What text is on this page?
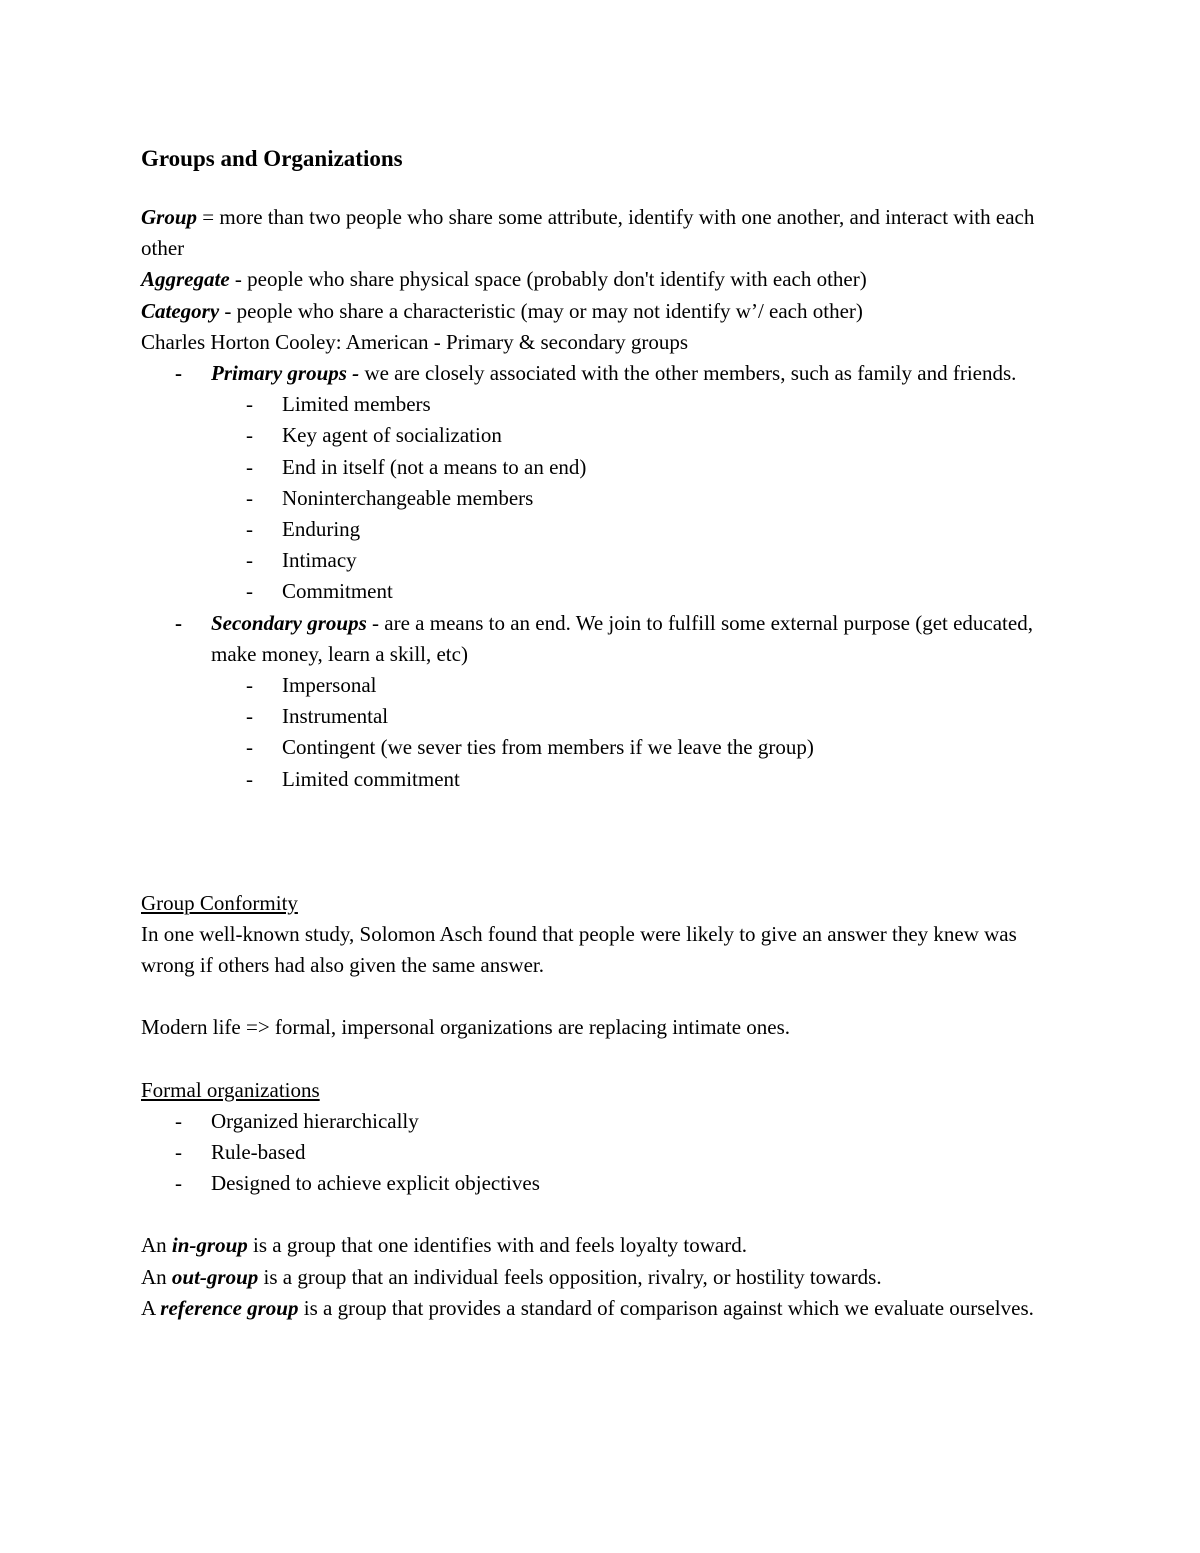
Groups and Organizations

Group = more than two people who share some attribute, identify with one another, and interact with each other

Aggregate - people who share physical space (probably don't identify with each other)

Category - people who share a characteristic (may or may not identify w’/ each other)

Charles Horton Cooley: American - Primary & secondary groups

- Primary groups - we are closely associated with the other members, such as family and friends.
- Limited members
- Key agent of socialization
- End in itself (not a means to an end)
- Noninterchangeable members
- Enduring
- Intimacy
- Commitment
- Secondary groups - are a means to an end. We join to fulfill some external purpose (get educated, make money, learn a skill, etc)
- Impersonal
- Instrumental
- Contingent (we sever ties from members if we leave the group)
- Limited commitment

Group Conformity

In one well-known study, Solomon Asch found that people were likely to give an answer they knew was wrong if others had also given the same answer.

Modern life => formal, impersonal organizations are replacing intimate ones.

Formal organizations

- Organized hierarchically
- Rule-based
- Designed to achieve explicit objectives

An in-group is a group that one identifies with and feels loyalty toward.

An out-group is a group that an individual feels opposition, rivalry, or hostility towards.

A reference group is a group that provides a standard of comparison against which we evaluate ourselves.
